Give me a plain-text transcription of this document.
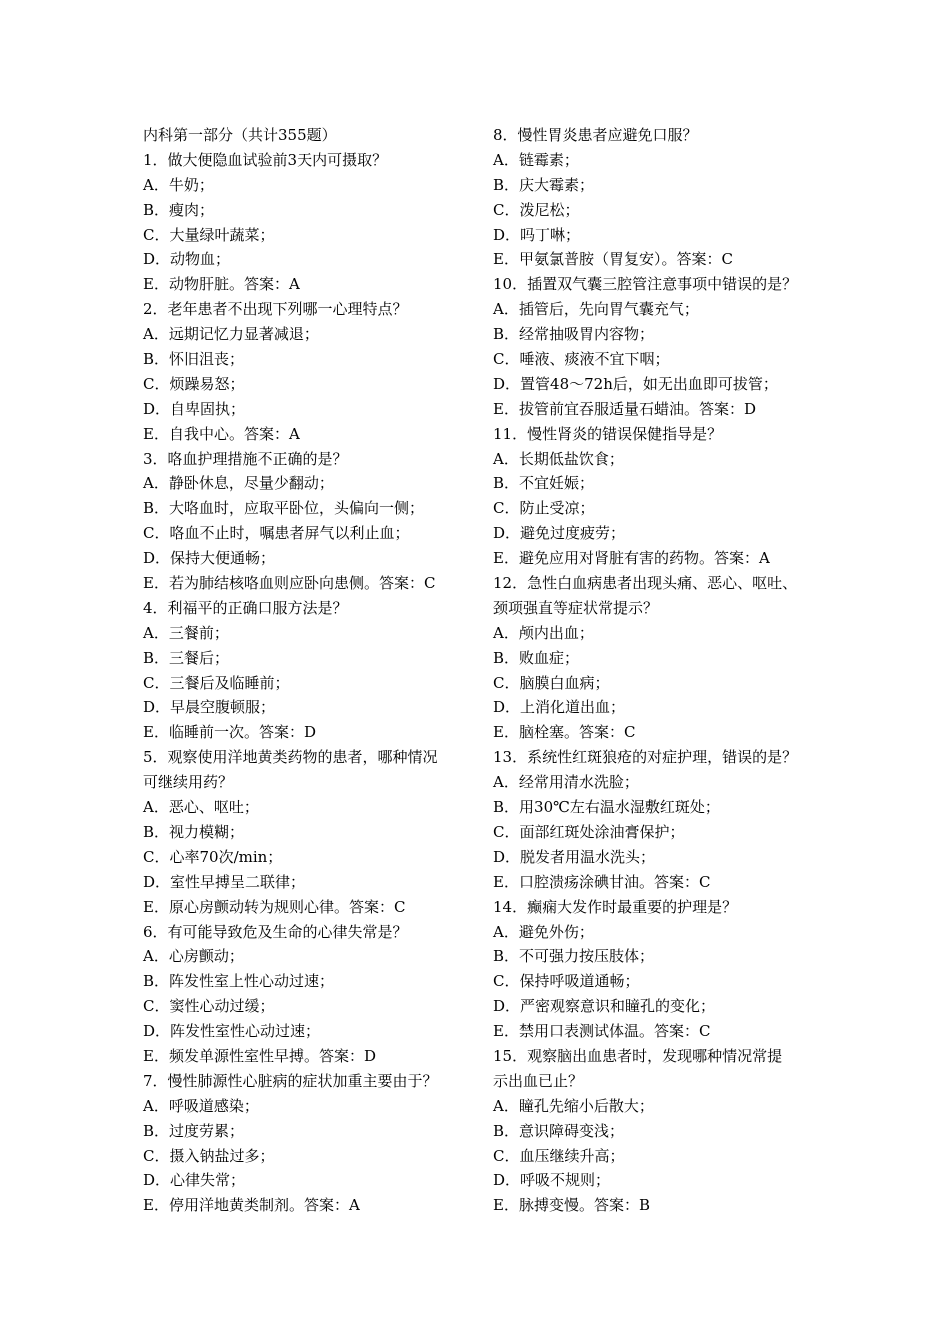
内科第一部分（共计355题）
1．做大便隐血试验前3天内可摄取？
A．牛奶；
B．瘦肉；
C．大量绿叶蔬菜；
D．动物血；
E．动物肝脏。答案：A
2．老年患者不出现下列哪一心理特点？
A．远期记忆力显著减退；
B．怀旧沮丧；
C．烦躁易怒；
D．自卑固执；
E．自我中心。答案：A
3．咯血护理措施不正确的是？
A．静卧休息，尽量少翻动；
B．大咯血时，应取平卧位，头偏向一侧；
C．咯血不止时，嘱患者屏气以利止血；
D．保持大便通畅；
E．若为肺结核咯血则应卧向患侧。答案：C
4．利福平的正确口服方法是？
A．三餐前；
B．三餐后；
C．三餐后及临睡前；
D．早晨空腹顿服；
E．临睡前一次。答案：D
5．观察使用洋地黄类药物的患者，哪种情况
可继续用药？
A．恶心、呕吐；
B．视力模糊；
C．心率70次/min；
D．室性早搏呈二联律；
E．原心房颤动转为规则心律。答案：C
6．有可能导致危及生命的心律失常是？
A．心房颤动；
B．阵发性室上性心动过速；
C．窦性心动过缓；
D．阵发性室性心动过速；
E．频发单源性室性早搏。答案：D
7．慢性肺源性心脏病的症状加重主要由于？
A．呼吸道感染；
B．过度劳累；
C．摄入钠盐过多；
D．心律失常；
E．停用洋地黄类制剂。答案：A
8．慢性胃炎患者应避免口服？
A．链霉素；
B．庆大霉素；
C．泼尼松；
D．吗丁啉；
E．甲氨氯普胺（胃复安）。答案：C
10．插置双气囊三腔管注意事项中错误的是？
A．插管后，先向胃气囊充气；
B．经常抽吸胃内容物；
C．唾液、痰液不宜下咽；
D．置管48～72h后，如无出血即可拔管；
E．拔管前宜吞服适量石蜡油。答案：D
11．慢性肾炎的错误保健指导是？
A．长期低盐饮食；
B．不宜妊娠；
C．防止受凉；
D．避免过度疲劳；
E．避免应用对肾脏有害的药物。答案：A
12．急性白血病患者出现头痛、恶心、呕吐、
颈项强直等症状常提示？
A．颅内出血；
B．败血症；
C．脑膜白血病；
D．上消化道出血；
E．脑栓塞。答案：C
13．系统性红斑狼疮的对症护理，错误的是？
A．经常用清水洗脸；
B．用30℃左右温水湿敷红斑处；
C．面部红斑处涂油膏保护；
D．脱发者用温水洗头；
E．口腔溃疡涂碘甘油。答案：C
14．癫痫大发作时最重要的护理是？
A．避免外伤；
B．不可强力按压肢体；
C．保持呼吸道通畅；
D．严密观察意识和瞳孔的变化；
E．禁用口表测试体温。答案：C
15．观察脑出血患者时，发现哪种情况常提
示出血已止？
A．瞳孔先缩小后散大；
B．意识障碍变浅；
C．血压继续升高；
D．呼吸不规则；
E．脉搏变慢。答案：B
